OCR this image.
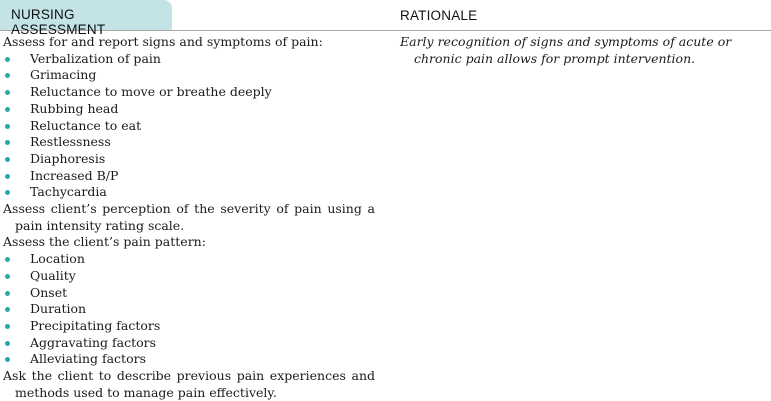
NURSING ASSESSMENT
RATIONALE

Assess for and report signs and symptoms of pain:

Verbalization of pain
Grimacing
Reluctance to move or breathe deeply
Rubbing head
Reluctance to eat
Restlessness
Diaphoresis
Increased B/P
Tachycardia

Assess client’s perception of the severity of pain using a pain intensity rating scale.

Assess the client’s pain pattern:

Location
Quality
Onset
Duration
Precipitating factors
Aggravating factors
Alleviating factors

Ask the client to describe previous pain experiences and methods used to manage pain effectively.

Early recognition of signs and symptoms of acute or chronic pain allows for prompt intervention.
